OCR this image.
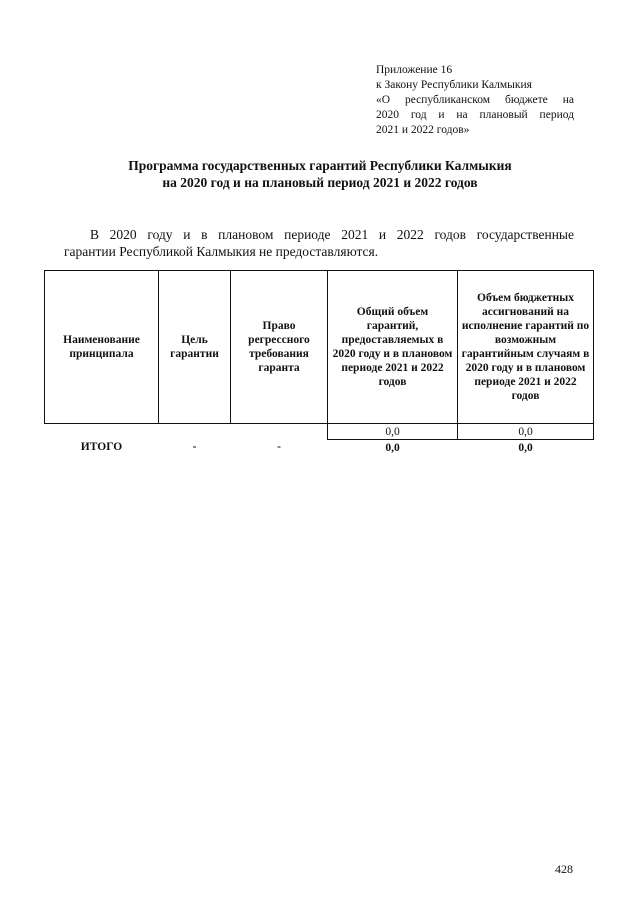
Приложение 16
к Закону Республики Калмыкия
«О республиканском бюджете на
2020 год и на плановый период
2021 и 2022 годов»
Программа государственных гарантий Республики Калмыкия
на 2020 год и на плановый период 2021 и 2022 годов
В 2020 году и в плановом периоде 2021 и 2022 годов государственные
гарантии Республикой Калмыкия не предоставляются.
Наименование принципала	Цель гарантии	Право регрессного требования гаранта	Общий объем гарантий, предоставляемых в 2020 году и в плановом периоде 2021 и 2022 годов	Объем бюджетных ассигнований на исполнение гарантий по возможным гарантийным случаям в 2020 году и в плановом периоде 2021 и 2022 годов
			0,0	0,0
ИТОГО	-	-	0,0	0,0
428
